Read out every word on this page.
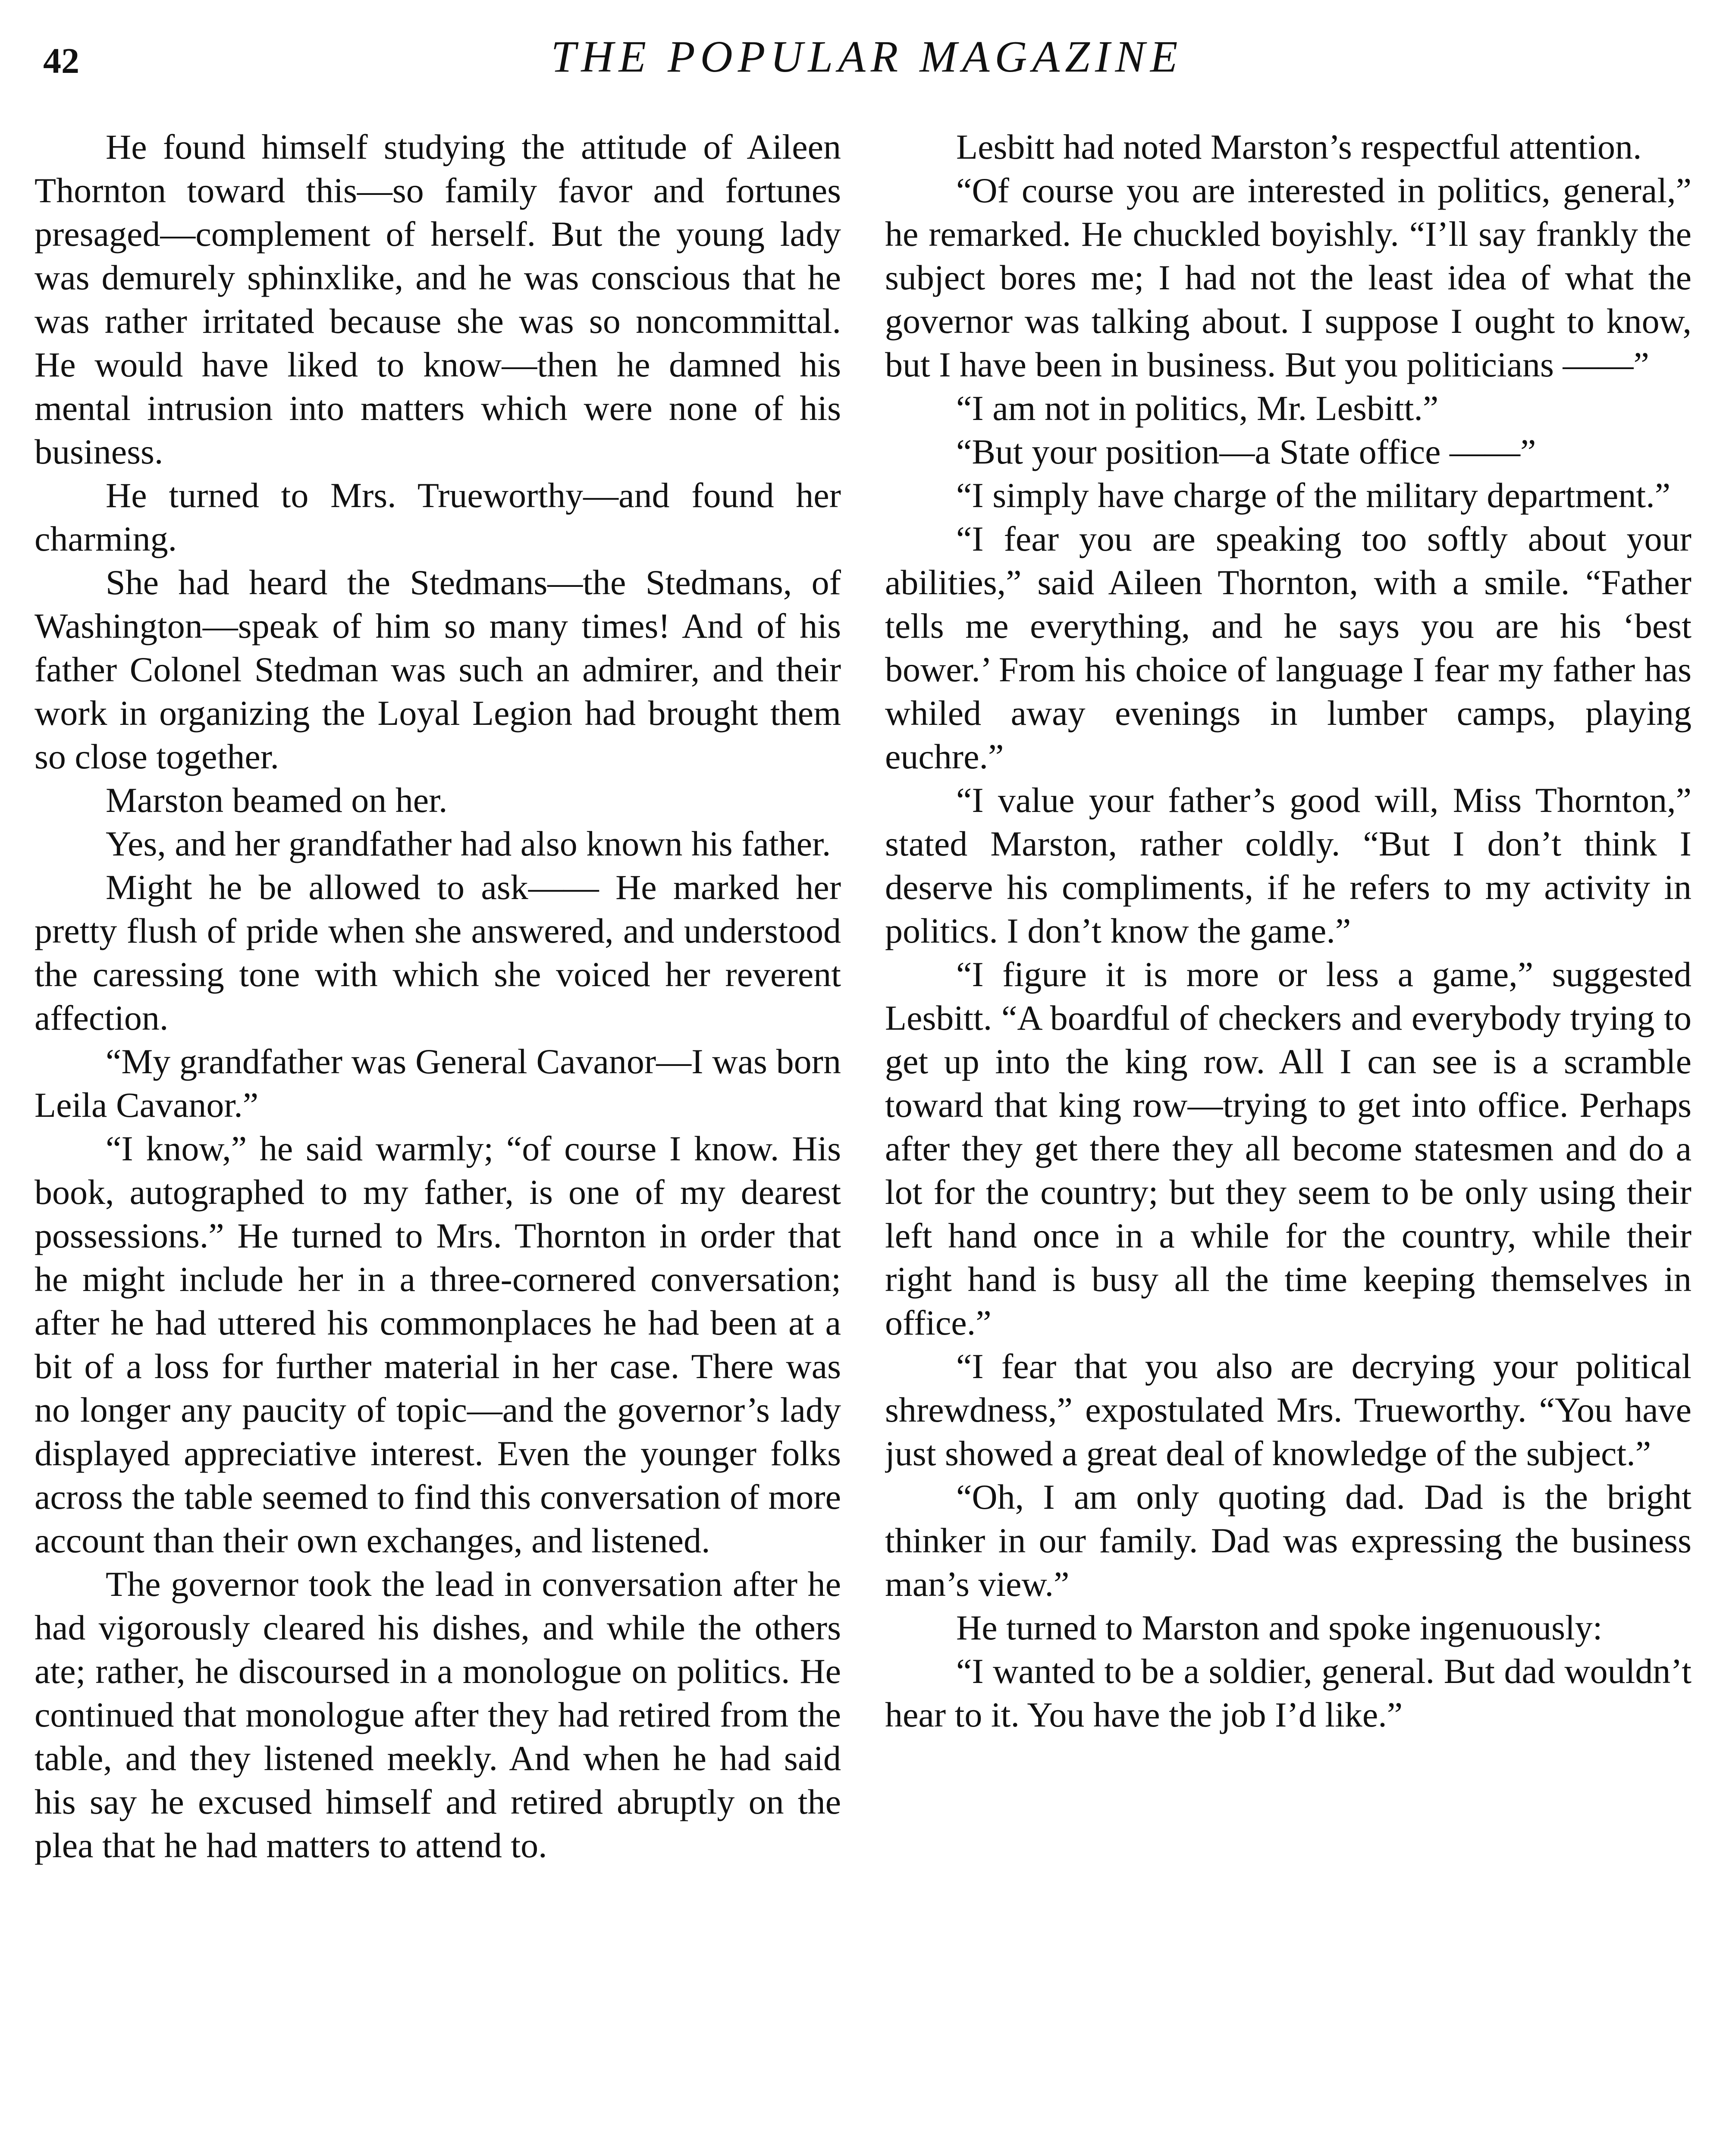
42	THE POPULAR MAGAZINE

He found himself studying the attitude of Aileen Thornton toward this—so family favor and fortunes presaged—complement of herself. But the young lady was demurely sphinxlike, and he was conscious that he was rather irritated because she was so noncommittal. He would have liked to know—then he damned his mental intrusion into matters which were none of his business.

He turned to Mrs. Trueworthy—and found her charming.

She had heard the Stedmans—the Stedmans, of Washington—speak of him so many times! And of his father Colonel Stedman was such an admirer, and their work in organizing the Loyal Legion had brought them so close together.

Marston beamed on her.

Yes, and her grandfather had also known his father.

Might he be allowed to ask—— He marked her pretty flush of pride when she answered, and understood the caressing tone with which she voiced her reverent affection.

“My grandfather was General Cavanor—I was born Leila Cavanor.”

“I know,” he said warmly; “of course I know. His book, autographed to my father, is one of my dearest possessions.” He turned to Mrs. Thornton in order that he might include her in a three-cornered conversation; after he had uttered his commonplaces he had been at a bit of a loss for further material in her case. There was no longer any paucity of topic—and the governor’s lady displayed appreciative interest. Even the younger folks across the table seemed to find this conversation of more account than their own exchanges, and listened.

The governor took the lead in conversation after he had vigorously cleared his dishes, and while the others ate; rather, he discoursed in a monologue on politics. He continued that monologue after they had retired from the table, and they listened meekly. And when he had said his say he excused himself and retired abruptly on the plea that he had matters to attend to.

Lesbitt had noted Marston’s respectful attention.

“Of course you are interested in politics, general,” he remarked. He chuckled boyishly. “I’ll say frankly the subject bores me; I had not the least idea of what the governor was talking about. I suppose I ought to know, but I have been in business. But you politicians ——”

“I am not in politics, Mr. Lesbitt.”

“But your position—a State office ——”

“I simply have charge of the military department.”

“I fear you are speaking too softly about your abilities,” said Aileen Thornton, with a smile. “Father tells me everything, and he says you are his ‘best bower.’ From his choice of language I fear my father has whiled away evenings in lumber camps, playing euchre.”

“I value your father’s good will, Miss Thornton,” stated Marston, rather coldly. “But I don’t think I deserve his compliments, if he refers to my activity in politics. I don’t know the game.”

“I figure it is more or less a game,” suggested Lesbitt. “A boardful of checkers and everybody trying to get up into the king row. All I can see is a scramble toward that king row—trying to get into office. Perhaps after they get there they all become statesmen and do a lot for the country; but they seem to be only using their left hand once in a while for the country, while their right hand is busy all the time keeping themselves in office.”

“I fear that you also are decrying your political shrewdness,” expostulated Mrs. Trueworthy. “You have just showed a great deal of knowledge of the subject.”

“Oh, I am only quoting dad. Dad is the bright thinker in our family. Dad was expressing the business man’s view.”

He turned to Marston and spoke ingenuously:

“I wanted to be a soldier, general. But dad wouldn’t hear to it. You have the job I’d like.”
